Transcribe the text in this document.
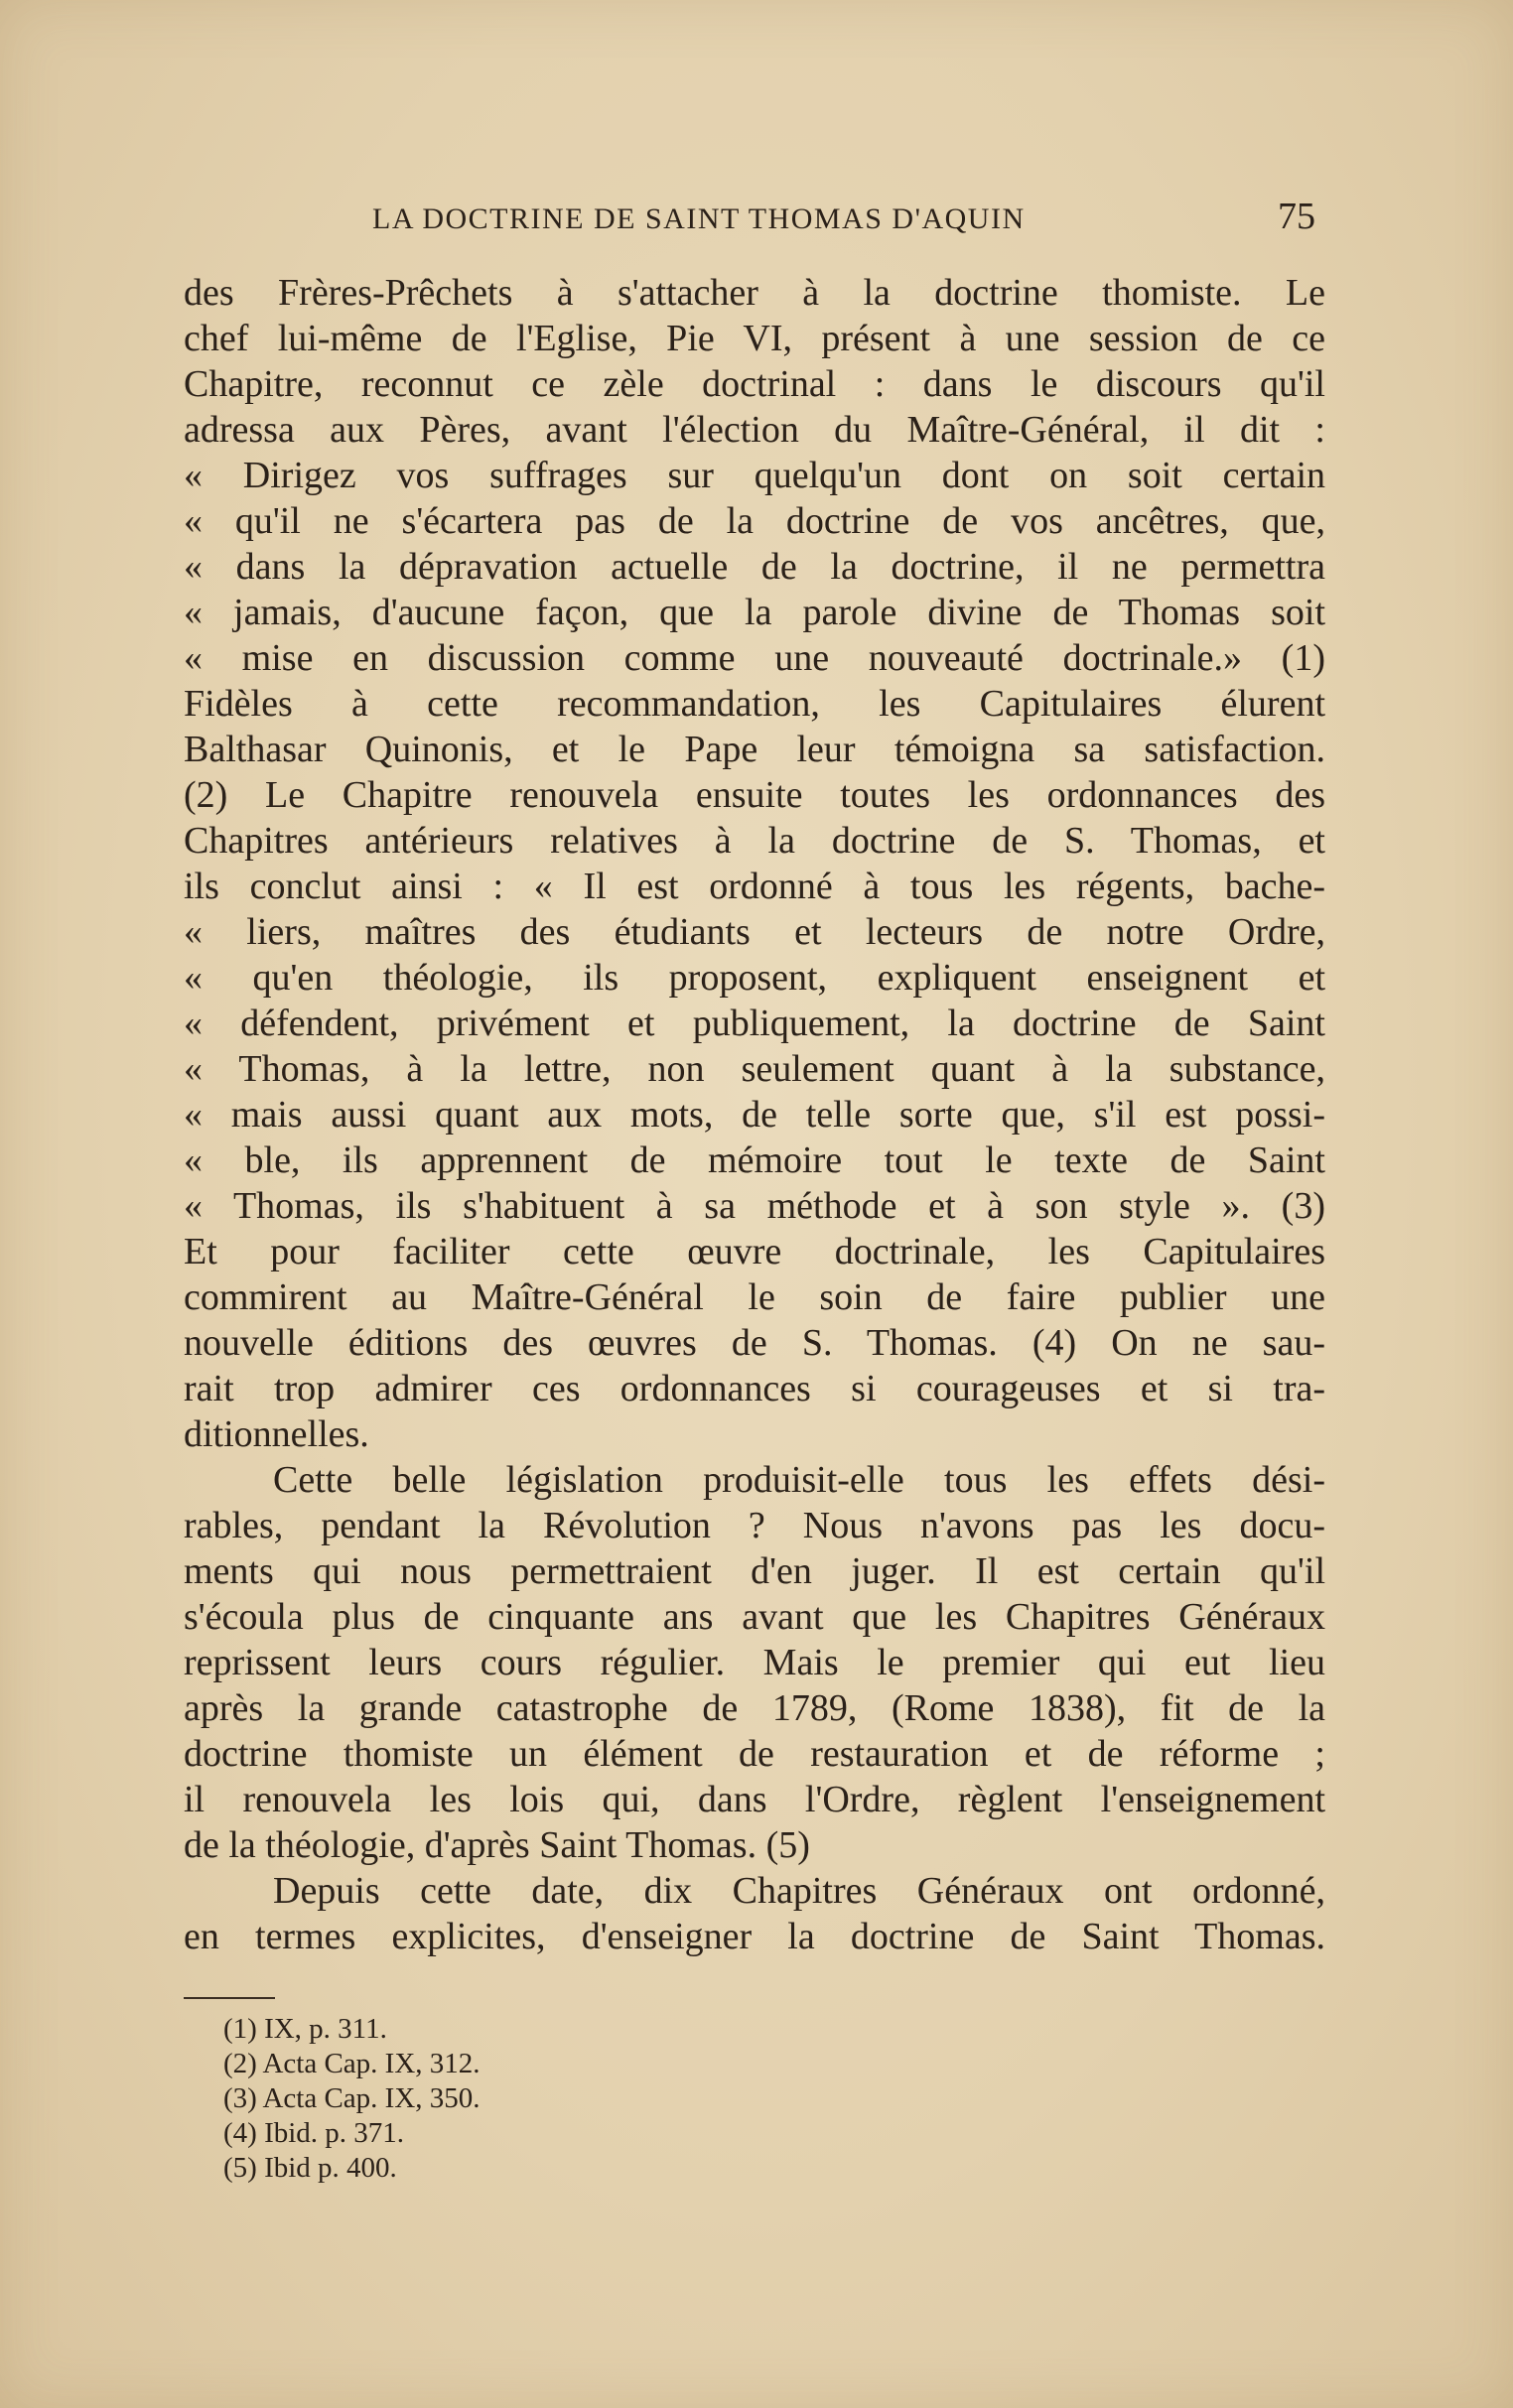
LA DOCTRINE DE SAINT THOMAS D'AQUIN	75
des Frères-Prêchets à s'attacher à la doctrine thomiste. Le
chef lui-même de l'Eglise, Pie VI, présent à une session de ce
Chapitre, reconnut ce zèle doctrinal : dans le discours qu'il
adressa aux Pères, avant l'élection du Maître-Général, il dit :
« Dirigez vos suffrages sur quelqu'un dont on soit certain
« qu'il ne s'écartera pas de la doctrine de vos ancêtres, que,
« dans la dépravation actuelle de la doctrine, il ne permettra
« jamais, d'aucune façon, que la parole divine de Thomas soit
« mise en discussion comme une nouveauté doctrinale.» (1)
Fidèles à cette recommandation, les Capitulaires élurent
Balthasar Quinonis, et le Pape leur témoigna sa satisfaction.
(2) Le Chapitre renouvela ensuite toutes les ordonnances des
Chapitres antérieurs relatives à la doctrine de S. Thomas, et
ils conclut ainsi : « Il est ordonné à tous les régents, bache-
« liers, maîtres des étudiants et lecteurs de notre Ordre,
« qu'en théologie, ils proposent, expliquent enseignent et
« défendent, privément et publiquement, la doctrine de Saint
« Thomas, à la lettre, non seulement quant à la substance,
« mais aussi quant aux mots, de telle sorte que, s'il est possi-
« ble, ils apprennent de mémoire tout le texte de Saint
« Thomas, ils s'habituent à sa méthode et à son style ». (3)
Et pour faciliter cette œuvre doctrinale, les Capitulaires
commirent au Maître-Général le soin de faire publier une
nouvelle éditions des œuvres de S. Thomas. (4) On ne sau-
rait trop admirer ces ordonnances si courageuses et si tra-
ditionnelles.
Cette belle législation produisit-elle tous les effets dési-
rables, pendant la Révolution ? Nous n'avons pas les docu-
ments qui nous permettraient d'en juger. Il est certain qu'il
s'écoula plus de cinquante ans avant que les Chapitres Généraux
reprissent leurs cours régulier. Mais le premier qui eut lieu
après la grande catastrophe de 1789, (Rome 1838), fit de la
doctrine thomiste un élément de restauration et de réforme ;
il renouvela les lois qui, dans l'Ordre, règlent l'enseignement
de la théologie, d'après Saint Thomas. (5)
Depuis cette date, dix Chapitres Généraux ont ordonné,
en termes explicites, d'enseigner la doctrine de Saint Thomas.
(1) IX, p. 311.
(2) Acta Cap. IX, 312.
(3) Acta Cap. IX, 350.
(4) Ibid. p. 371.
(5) Ibid p. 400.
